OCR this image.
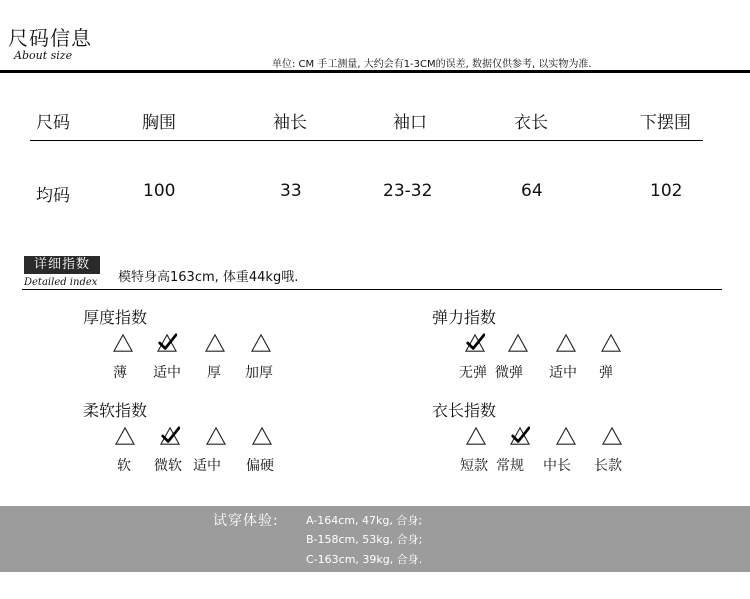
尺码信息
About size
单位: CM 手工测量, 大约会有1-3CM的误差, 数据仅供参考, 以实物为准.
尺码	胸围	袖长	袖口	衣长	下摆围
均码	100	33	23-32	64	102
详细指数
Detailed index 模特身高163cm, 体重44kg哦.
厚度指数
薄 适中 厚 加厚
弹力指数
无弹 微弹 适中 弹
柔软指数
软 微软 适中 偏硬
衣长指数
短款 常规 中长 长款
试穿体验: A-164cm, 47kg, 合身;
B-158cm, 53kg, 合身;
C-163cm, 39kg, 合身.
